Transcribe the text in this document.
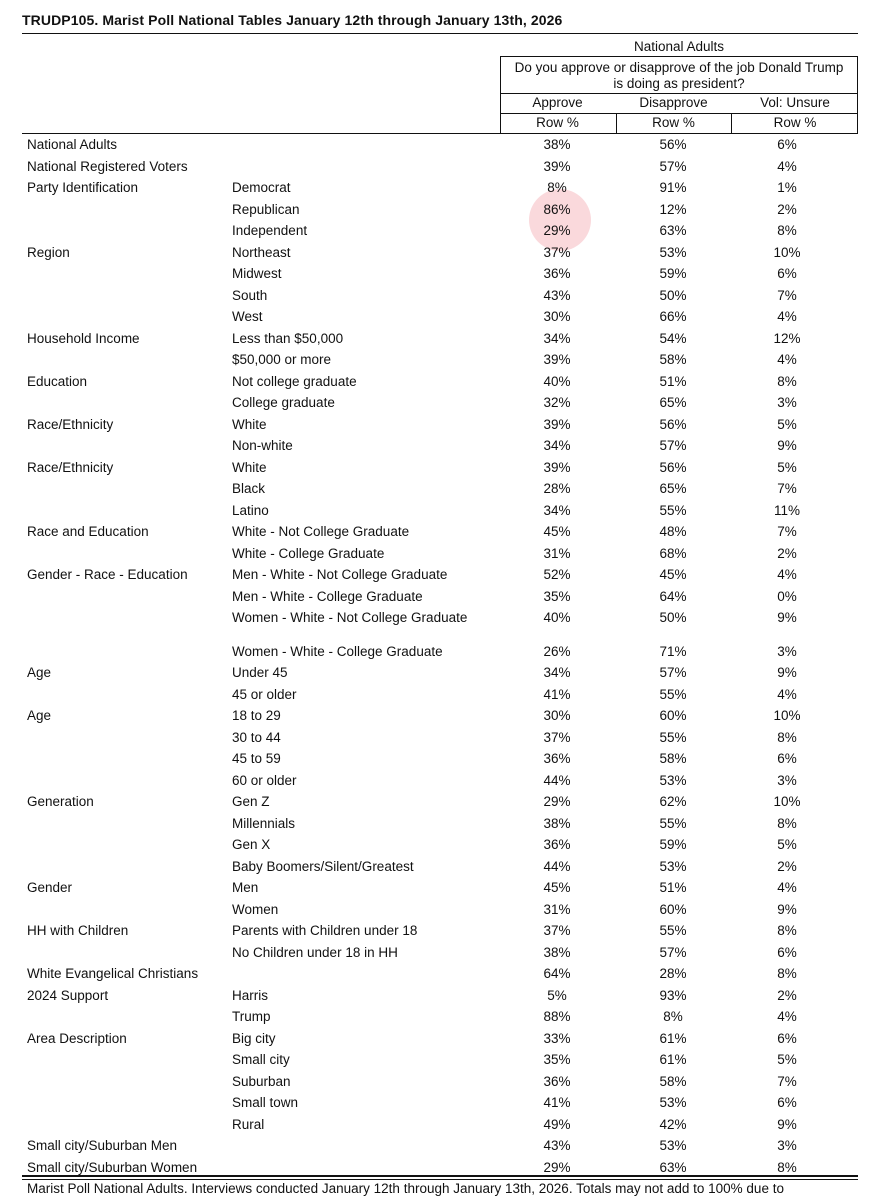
TRUDP105. Marist Poll National Tables January 12th through January 13th, 2026
National Adults
Do you approve or disapprove of the job Donald Trump
is doing as president?
Approve	Disapprove	Vol: Unsure
Row %	Row %	Row %
National Adults	38%	56%	6%
National Registered Voters	39%	57%	4%
Party Identification	Democrat	8%	91%	1%
Republican	86%	12%	2%
Independent	29%	63%	8%
Region	Northeast	37%	53%	10%
Midwest	36%	59%	6%
South	43%	50%	7%
West	30%	66%	4%
Household Income	Less than $50,000	34%	54%	12%
$50,000 or more	39%	58%	4%
Education	Not college graduate	40%	51%	8%
College graduate	32%	65%	3%
Race/Ethnicity	White	39%	56%	5%
Non-white	34%	57%	9%
Race/Ethnicity	White	39%	56%	5%
Black	28%	65%	7%
Latino	34%	55%	11%
Race and Education	White - Not College Graduate	45%	48%	7%
White - College Graduate	31%	68%	2%
Gender - Race - Education	Men - White - Not College Graduate	52%	45%	4%
Men - White - College Graduate	35%	64%	0%
Women - White - Not College Graduate	40%	50%	9%
Women - White - College Graduate	26%	71%	3%
Age	Under 45	34%	57%	9%
45 or older	41%	55%	4%
Age	18 to 29	30%	60%	10%
30 to 44	37%	55%	8%
45 to 59	36%	58%	6%
60 or older	44%	53%	3%
Generation	Gen Z	29%	62%	10%
Millennials	38%	55%	8%
Gen X	36%	59%	5%
Baby Boomers/Silent/Greatest	44%	53%	2%
Gender	Men	45%	51%	4%
Women	31%	60%	9%
HH with Children	Parents with Children under 18	37%	55%	8%
No Children under 18 in HH	38%	57%	6%
White Evangelical Christians	64%	28%	8%
2024 Support	Harris	5%	93%	2%
Trump	88%	8%	4%
Area Description	Big city	33%	61%	6%
Small city	35%	61%	5%
Suburban	36%	58%	7%
Small town	41%	53%	6%
Rural	49%	42%	9%
Small city/Suburban Men	43%	53%	3%
Small city/Suburban Women	29%	63%	8%
Marist Poll National Adults. Interviews conducted January 12th through January 13th, 2026. Totals may not add to 100% due to
